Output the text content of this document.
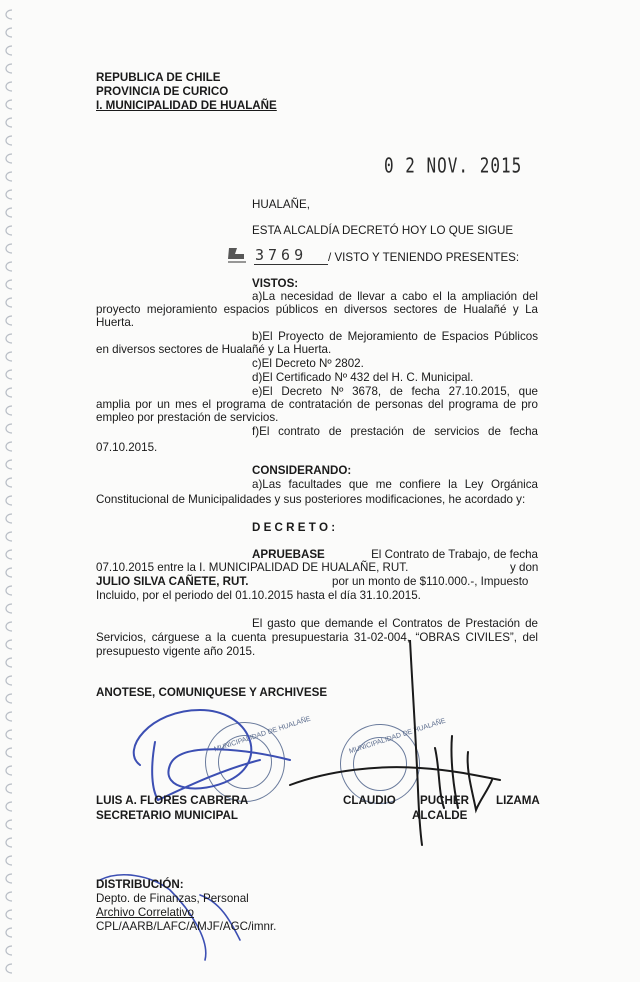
REPUBLICA DE CHILE
PROVINCIA DE CURICO
I. MUNICIPALIDAD DE HUALAÑE
0 2 NOV. 2015
HUALAÑE,
ESTA ALCALDÍA DECRETÓ HOY LO QUE SIGUE
3769 / VISTO Y TENIENDO PRESENTES:
VISTOS:
a)La necesidad de llevar a cabo el la ampliación del
proyecto mejoramiento espacios públicos en diversos sectores de Hualañé y La
Huerta.
b)El Proyecto de Mejoramiento de Espacios Públicos
en diversos sectores de Hualañé y La Huerta.
c)El Decreto Nº 2802.
d)El Certificado Nº 432 del H. C. Municipal.
e)El Decreto Nº 3678, de fecha 27.10.2015, que
amplia por un mes el programa de contratación de personas del programa de pro
empleo por prestación de servicios.
f)El contrato de prestación de servicios de fecha
07.10.2015.
CONSIDERANDO:
a)Las facultades que me confiere la Ley Orgánica
Constitucional de Municipalidades y sus posteriores modificaciones, he acordado y:
D E C R E T O :
APRUEBASE	El Contrato de Trabajo, de fecha
07.10.2015 entre la I. MUNICIPALIDAD DE HUALAÑE, RUT.	y don
JULIO SILVA CAÑETE, RUT.	por un monto de $110.000.-, Impuesto
Incluido, por el periodo del 01.10.2015 hasta el día 31.10.2015.
El gasto que demande el Contratos de Prestación de
Servicios, cárguese a la cuenta presupuestaria 31-02-004, “OBRAS CIVILES”, del
presupuesto vigente año 2015.
ANOTESE, COMUNIQUESE Y ARCHIVESE
MUNICIPALIDAD DE HUALAÑE	MUNICIPALIDAD DE HUALAÑE
LUIS A. FLORES CABRERA
SECRETARIO MUNICIPAL
CLAUDIO PUCHER LIZAMA
ALCALDE
DISTRIBUCIÓN:
Depto. de Finanzas, Personal
Archivo Correlativo
CPL/AARB/LAFC/AMJF/AGC/imnr.
